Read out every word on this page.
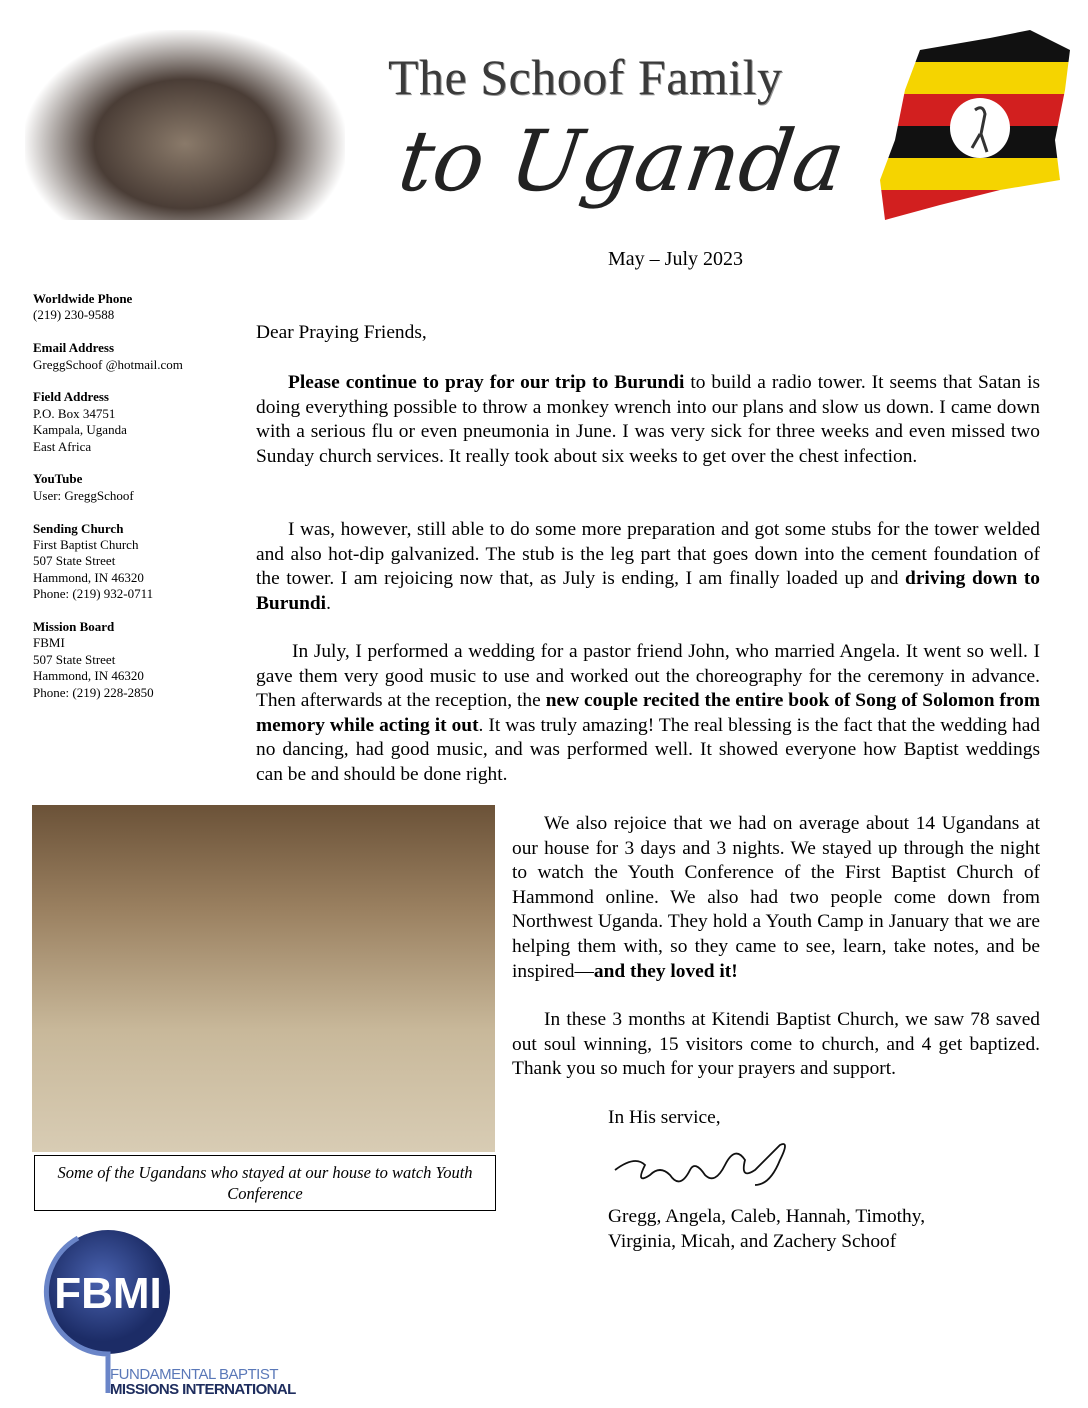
The Schoof Family
to Uganda
May – July 2023
Worldwide Phone
(219) 230-9588
Email Address
GreggSchoof @hotmail.com
Field Address
P.O. Box 34751
Kampala, Uganda
East Africa
YouTube
User: GreggSchoof
Sending Church
First Baptist Church
507 State Street
Hammond, IN 46320
Phone: (219) 932-0711
Mission Board
FBMI
507 State Street
Hammond, IN 46320
Phone: (219) 228-2850
Dear Praying Friends,

Please continue to pray for our trip to Burundi to build a radio tower. It seems that Satan is doing everything possible to throw a monkey wrench into our plans and slow us down. I came down with a serious flu or even pneumonia in June. I was very sick for three weeks and even missed two Sunday church services. It really took about six weeks to get over the chest infection.

I was, however, still able to do some more preparation and got some stubs for the tower welded and also hot-dip galvanized. The stub is the leg part that goes down into the cement foundation of the tower. I am rejoicing now that, as July is ending, I am finally loaded up and driving down to Burundi.

In July, I performed a wedding for a pastor friend John, who married Angela. It went so well. I gave them very good music to use and worked out the choreography for the ceremony in advance. Then afterwards at the reception, the new couple recited the entire book of Song of Solomon from memory while acting it out. It was truly amazing! The real blessing is the fact that the wedding had no dancing, had good music, and was performed well. It showed everyone how Baptist weddings can be and should be done right.

Some of the Ugandans who stayed at our house to watch Youth Conference

We also rejoice that we had on average about 14 Ugandans at our house for 3 days and 3 nights. We stayed up through the night to watch the Youth Conference of the First Baptist Church of Hammond online. We also had two people come down from Northwest Uganda. They hold a Youth Camp in January that we are helping them with, so they came to see, learn, take notes, and be inspired—and they loved it!

In these 3 months at Kitendi Baptist Church, we saw 78 saved out soul winning, 15 visitors come to church, and 4 get baptized. Thank you so much for your prayers and support.

In His service,
Gregg, Angela, Caleb, Hannah, Timothy,
Virginia, Micah, and Zachery Schoof
FBMI
FUNDAMENTAL BAPTIST
MISSIONS INTERNATIONAL
